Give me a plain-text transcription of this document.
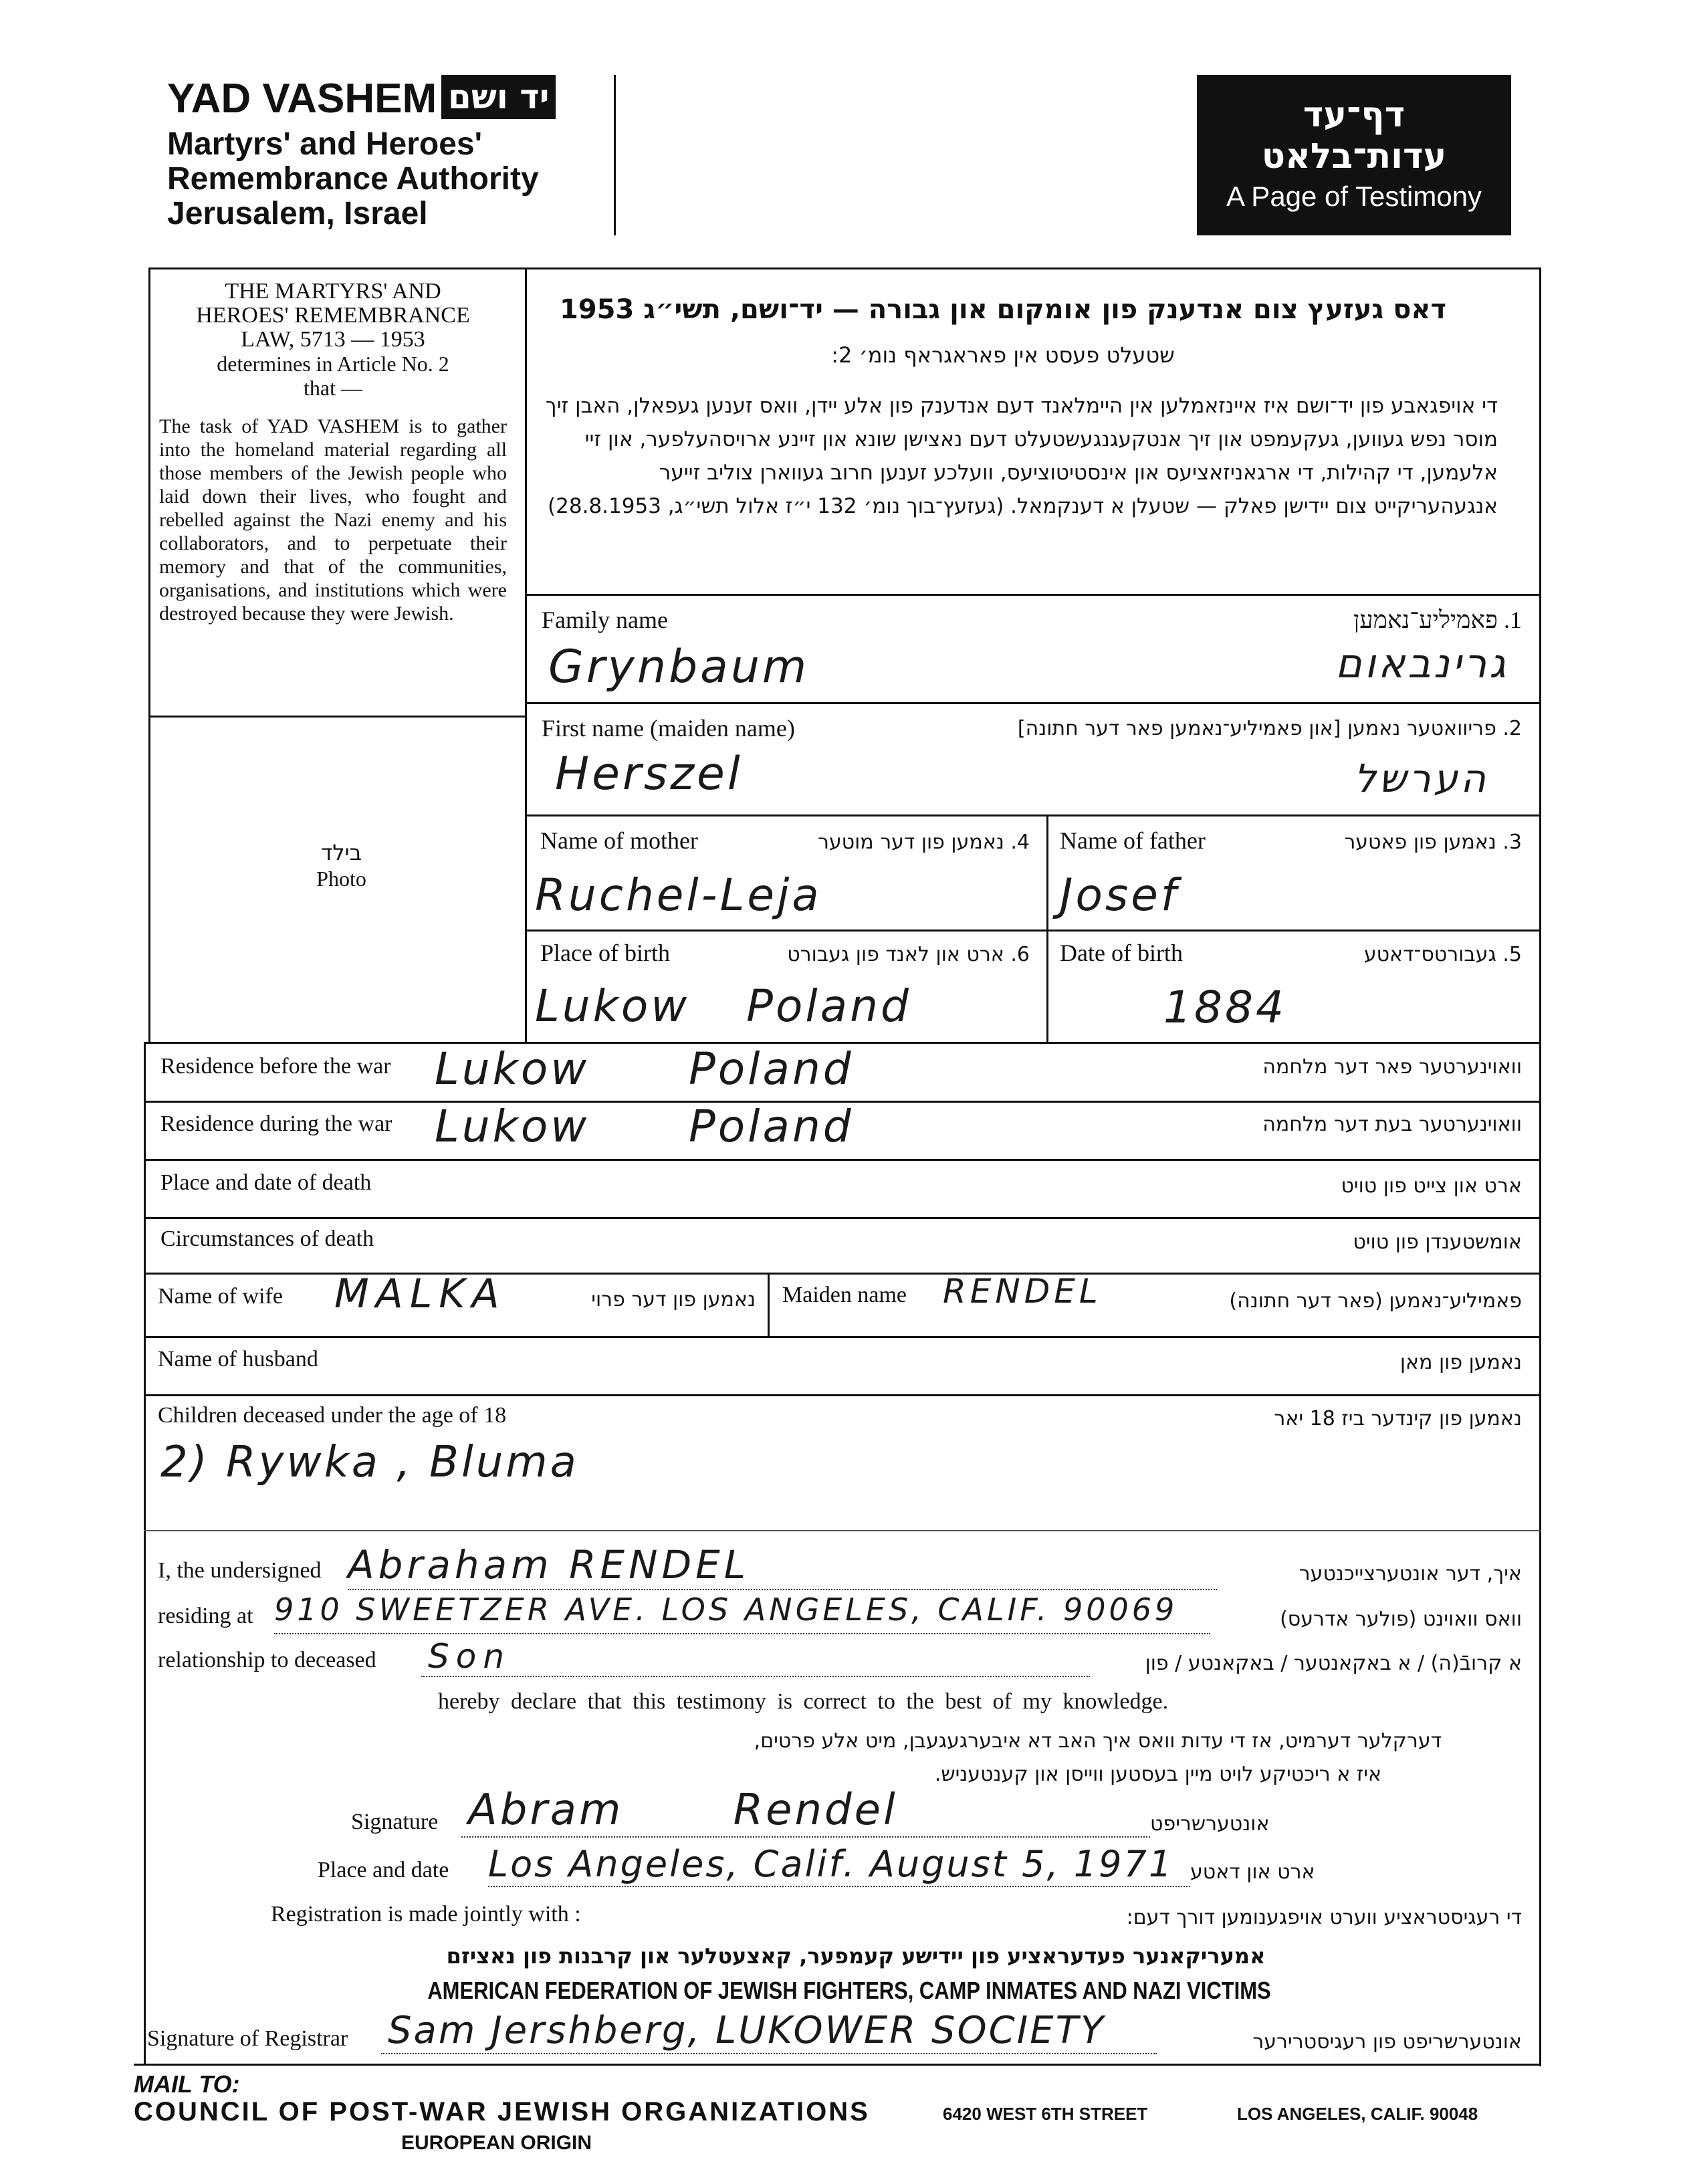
YAD VASHEM יד ושם
Martyrs' and Heroes'
Remembrance Authority
Jerusalem, Israel
דף־עד
עדות־בלאט
A Page of Testimony
THE MARTYRS' AND
HEROES' REMEMBRANCE
LAW, 5713 — 1953
determines in Article No. 2
that —
The task of YAD VASHEM is to gather into the homeland material regarding all those members of the Jewish people who laid down their lives, who fought and rebelled against the Nazi enemy and his collaborators, and to perpetuate their memory and that of the communities, organisations, and institutions which were destroyed because they were Jewish.
בילד
Photo
דאס געזעץ צום אנדענק פון אומקום און גבורה — יד־ושם, תשי״ג 1953
שטעלט פעסט אין פאראגראף נומ׳ 2:
די אויפגאבע פון יד־ושם איז איינזאמלען אין היימלאנד דעם אנדענק פון אלע יידן, וואס זענען געפאלן, האבן זיך מוסר נפש געווען, געקעמפט און זיך אנטקעגנגעשטעלט דעם נאצישן שונא און זיינע ארויסהעלפער, און זיי אלעמען, די קהילות, די ארגאניזאציעס און אינסטיטוציעס, וועלכע זענען חרוב געווארן צוליב זייער אנגעהעריקייט צום יידישן פאלק — שטעלן א דענקמאל. (געזעץ־בוך נומ׳ 132 י״ז אלול תשי״ג, 28.8.1953)
Family name	1. פאמיליע־נאמען
Grynbaum	גרינבאום
First name (maiden name)	2. פריוואטער נאמען [און פאמיליע־נאמען פאר דער חתונה]
Herszel	הערשל
Name of mother	4. נאמען פון דער מוטער
Ruchel-Leja
Name of father	3. נאמען פון פאטער
Josef
Place of birth	6. ארט און לאנד פון געבורט
Lukow Poland
Date of birth	5. געבורטס־דאטע
1884
Residence before the war Lukow Poland	וואוינערטער פאר דער מלחמה
Residence during the war Lukow Poland	וואוינערטער בעת דער מלחמה
Place and date of death	ארט און צייט פון טויט
Circumstances of death	אומשטענדן פון טויט
Name of wife MALKA	נאמען פון דער פרוי Maiden name RENDEL	פאמיליע־נאמען (פאר דער חתונה)
Name of husband	נאמען פון מאן
Children deceased under the age of 18	נאמען פון קינדער ביז 18 יאר
2) Rywka , Bluma
I, the undersigned Abraham RENDEL	איך, דער אונטערצייכנטער
residing at 910 SWEETZER AVE. LOS ANGELES, CALIF. 90069	וואס וואוינט (פולער אדרעס)
relationship to deceased Son	א קרובֿ(ה) / א באקאנטער / באקאנטע / פון
hereby declare that this testimony is correct to the best of my knowledge.
דערקלער דערמיט, אז די עדות וואס איך האב דא איבערגעגעבן, מיט אלע פרטים,
איז א ריכטיקע לויט מיין בעסטען ווייסן און קענטעניש.
Signature Abram Rendel	אונטערשריפט
Place and date Los Angeles, Calif. August 5, 1971 ארט און דאטע
Registration is made jointly with :	די רעגיסטראציע ווערט אויפגענומען דורך דעם:
אמעריקאנער פעדעראציע פון יידישע קעמפער, קאצעטלער און קרבנות פון נאציזם
AMERICAN FEDERATION OF JEWISH FIGHTERS, CAMP INMATES AND NAZI VICTIMS
Signature of Registrar Sam Jershberg, LUKOWER SOCIETY	אונטערשריפט פון רעגיסטרירער
MAIL TO:
COUNCIL OF POST-WAR JEWISH ORGANIZATIONS
EUROPEAN ORIGIN
6420 WEST 6TH STREET	LOS ANGELES, CALIF. 90048
